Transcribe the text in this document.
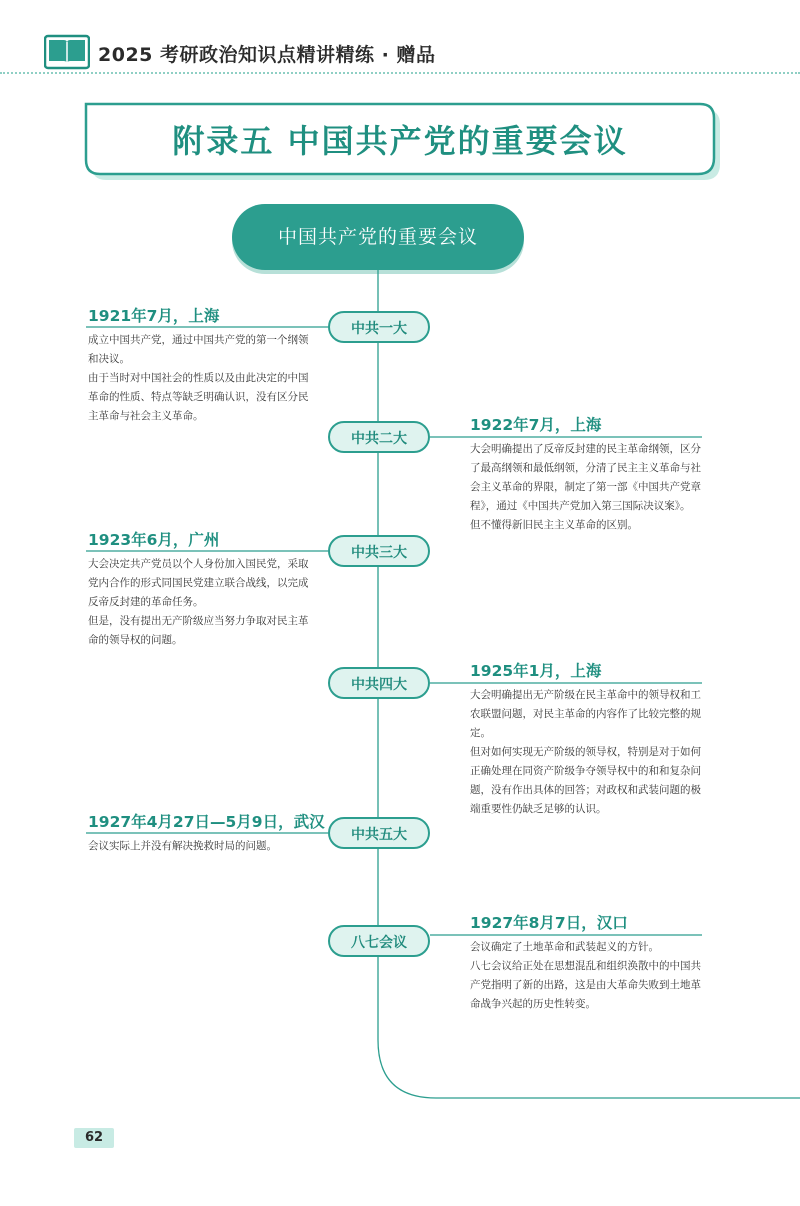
2025 考研政治知识点精讲精练 · 赠品
附录五 中国共产党的重要会议
中国共产党的重要会议
中共一大
中共二大
中共三大
中共四大
中共五大
八七会议
1921年7月，上海

成立中国共产党，通过中国共产党的第一个纲领和决议。

由于当时对中国社会的性质以及由此决定的中国革命的性质、特点等缺乏明确认识，没有区分民主革命与社会主义革命。	1922年7月，上海

大会明确提出了反帝反封建的民主革命纲领，区分了最高纲领和最低纲领，分清了民主主义革命与社会主义革命的界限，制定了第一部《中国共产党章程》，通过《中国共产党加入第三国际决议案》。

但不懂得新旧民主主义革命的区别。

1923年6月，广州

大会决定共产党员以个人身份加入国民党，采取党内合作的形式同国民党建立联合战线，以完成反帝反封建的革命任务。

但是，没有提出无产阶级应当努力争取对民主革命的领导权的问题。

1925年1月，上海

大会明确提出无产阶级在民主革命中的领导权和工农联盟问题，对民主革命的内容作了比较完整的规定。

但对如何实现无产阶级的领导权，特别是对于如何正确处理在同资产阶级争夺领导权中的和和复杂问题，没有作出具体的回答；对政权和武装问题的极端重要性仍缺乏足够的认识。

1927年4月27日—5月9日，武汉

会议实际上并没有解决挽救时局的问题。

1927年8月7日，汉口

会议确定了土地革命和武装起义的方针。

八七会议给正处在思想混乱和组织涣散中的中国共产党指明了新的出路，这是由大革命失败到土地革命战争兴起的历史性转变。

62
